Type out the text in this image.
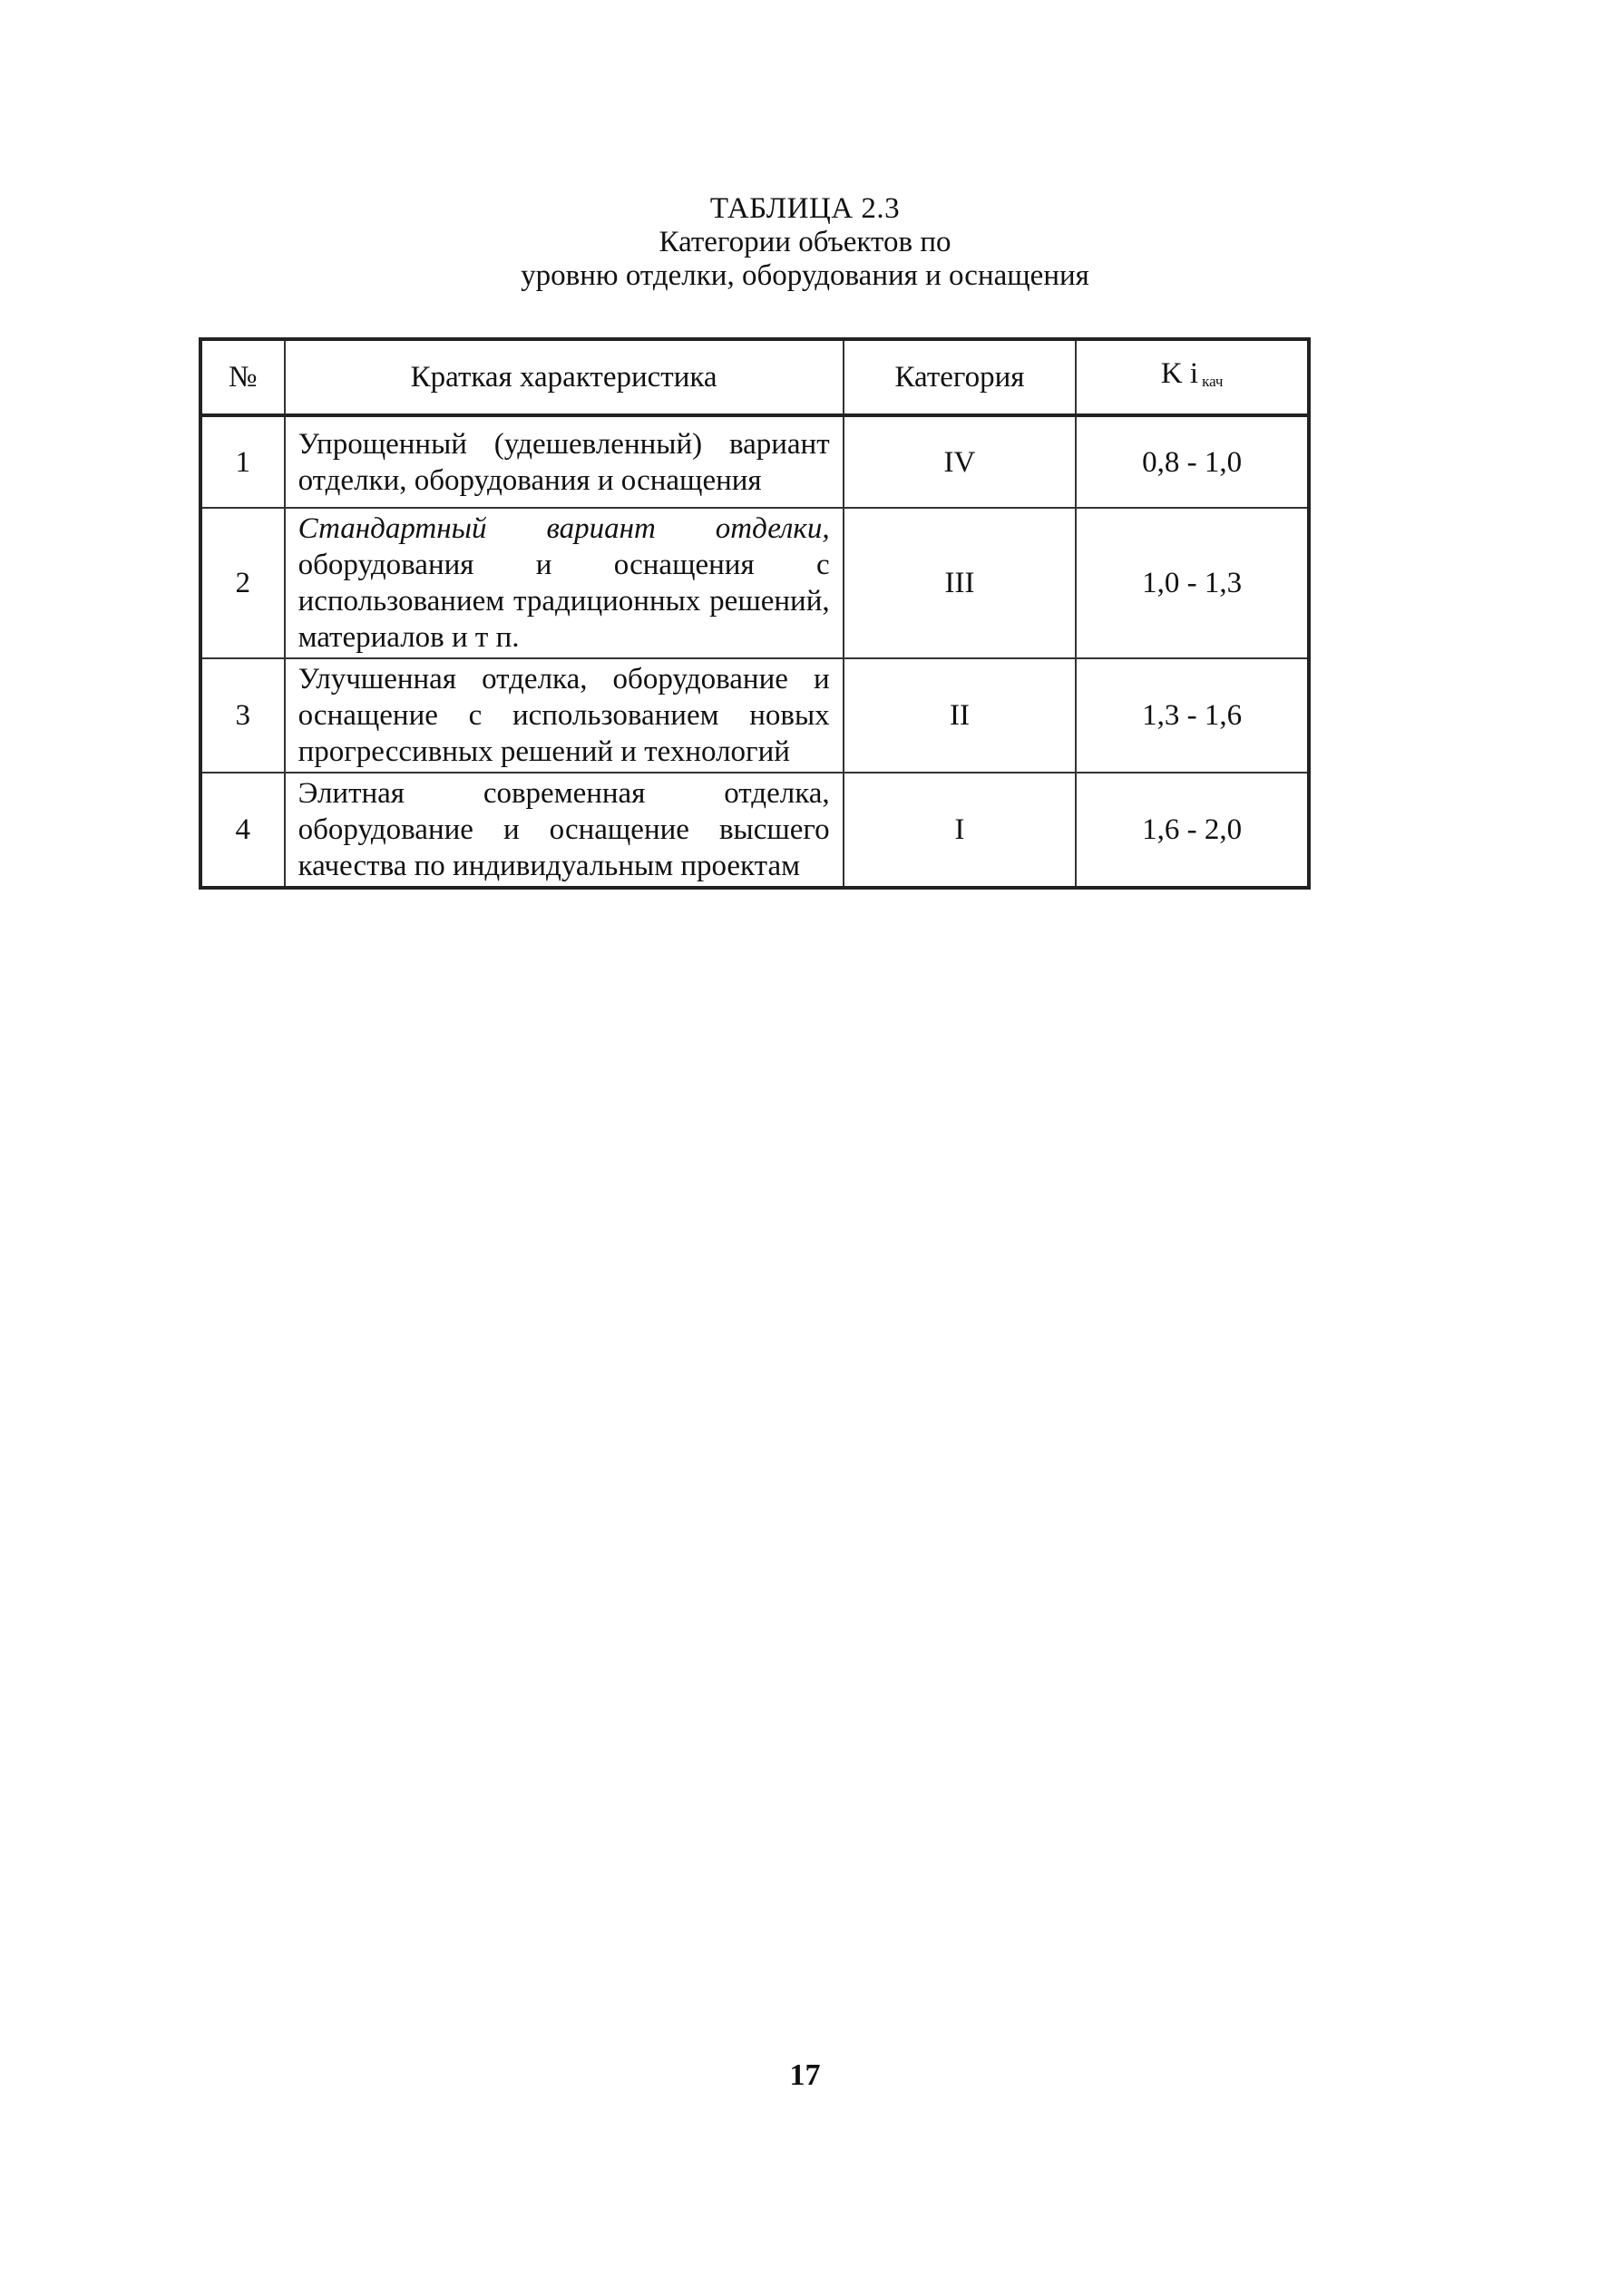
ТАБЛИЦА 2.3
Категории объектов по
уровню отделки, оборудования и оснащения
№	Краткая характеристика	Категория	K i $_{кач}$
1	Упрощенный (удешевленный) вариант отделки, оборудования и оснащения	IV	0,8 - 1,0
2	Стандартный вариант отделки, оборудования и оснащения с использованием традиционных решений, материалов и т п.	III	1,0 - 1,3
3	Улучшенная отделка, оборудование и оснащение с использованием новых прогрессивных решений и технологий	II	1,3 - 1,6
4	Элитная современная отделка, оборудование и оснащение высшего качества по индивидуальным проектам	I	1,6 - 2,0
17
